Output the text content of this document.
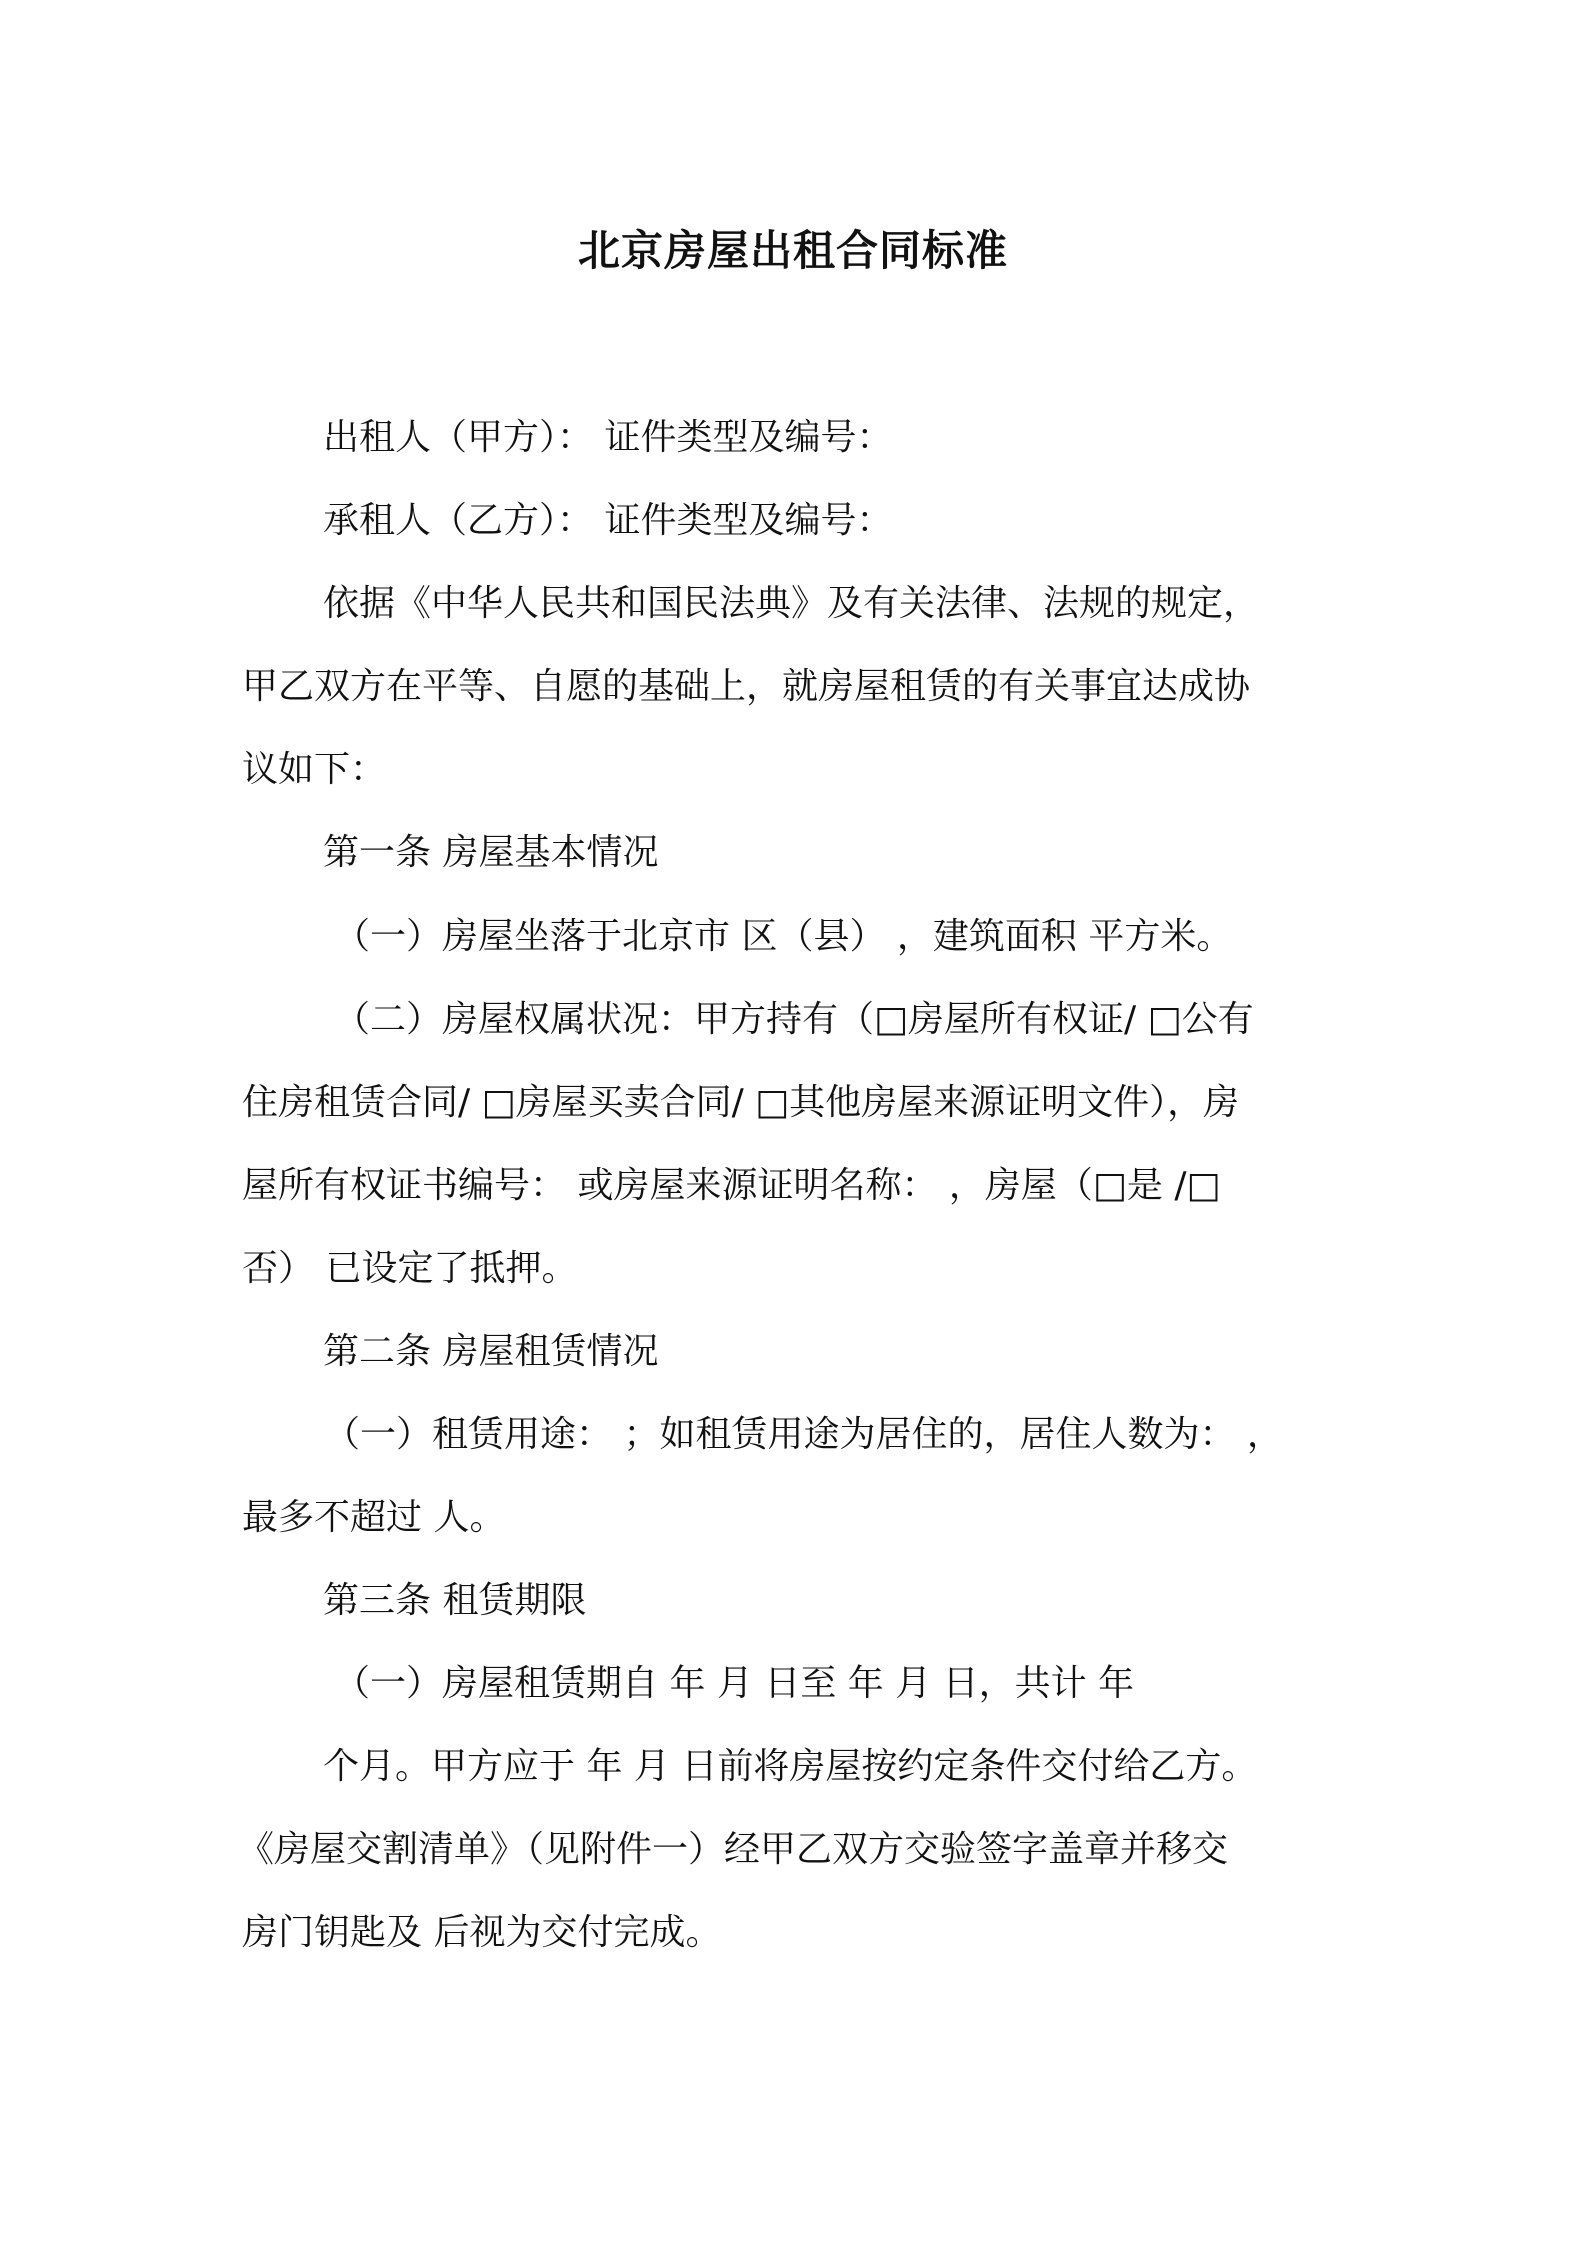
北京房屋出租合同标准

出租人（甲方）： 证件类型及编号：

承租人（乙方）： 证件类型及编号：

依据《中华人民共和国民法典》及有关法律、法规的规定，

甲乙双方在平等、自愿的基础上，就房屋租赁的有关事宜达成协

议如下：

第一条 房屋基本情况

（一）房屋坐落于北京市 区（县） ，建筑面积 平方米。

（二）房屋权属状况：甲方持有（□房屋所有权证/ □公有

住房租赁合同/ □房屋买卖合同/ □其他房屋来源证明文件），房

屋所有权证书编号： 或房屋来源证明名称： ，房屋（□是 /□

否） 已设定了抵押。

第二条 房屋租赁情况

（一）租赁用途： ；如租赁用途为居住的，居住人数为： ，

最多不超过 人。

第三条 租赁期限

（一）房屋租赁期自 年 月 日至 年 月 日，共计 年

个月。甲方应于 年 月 日前将房屋按约定条件交付给乙方。

《房屋交割清单》（见附件一）经甲乙双方交验签字盖章并移交

房门钥匙及 后视为交付完成。
